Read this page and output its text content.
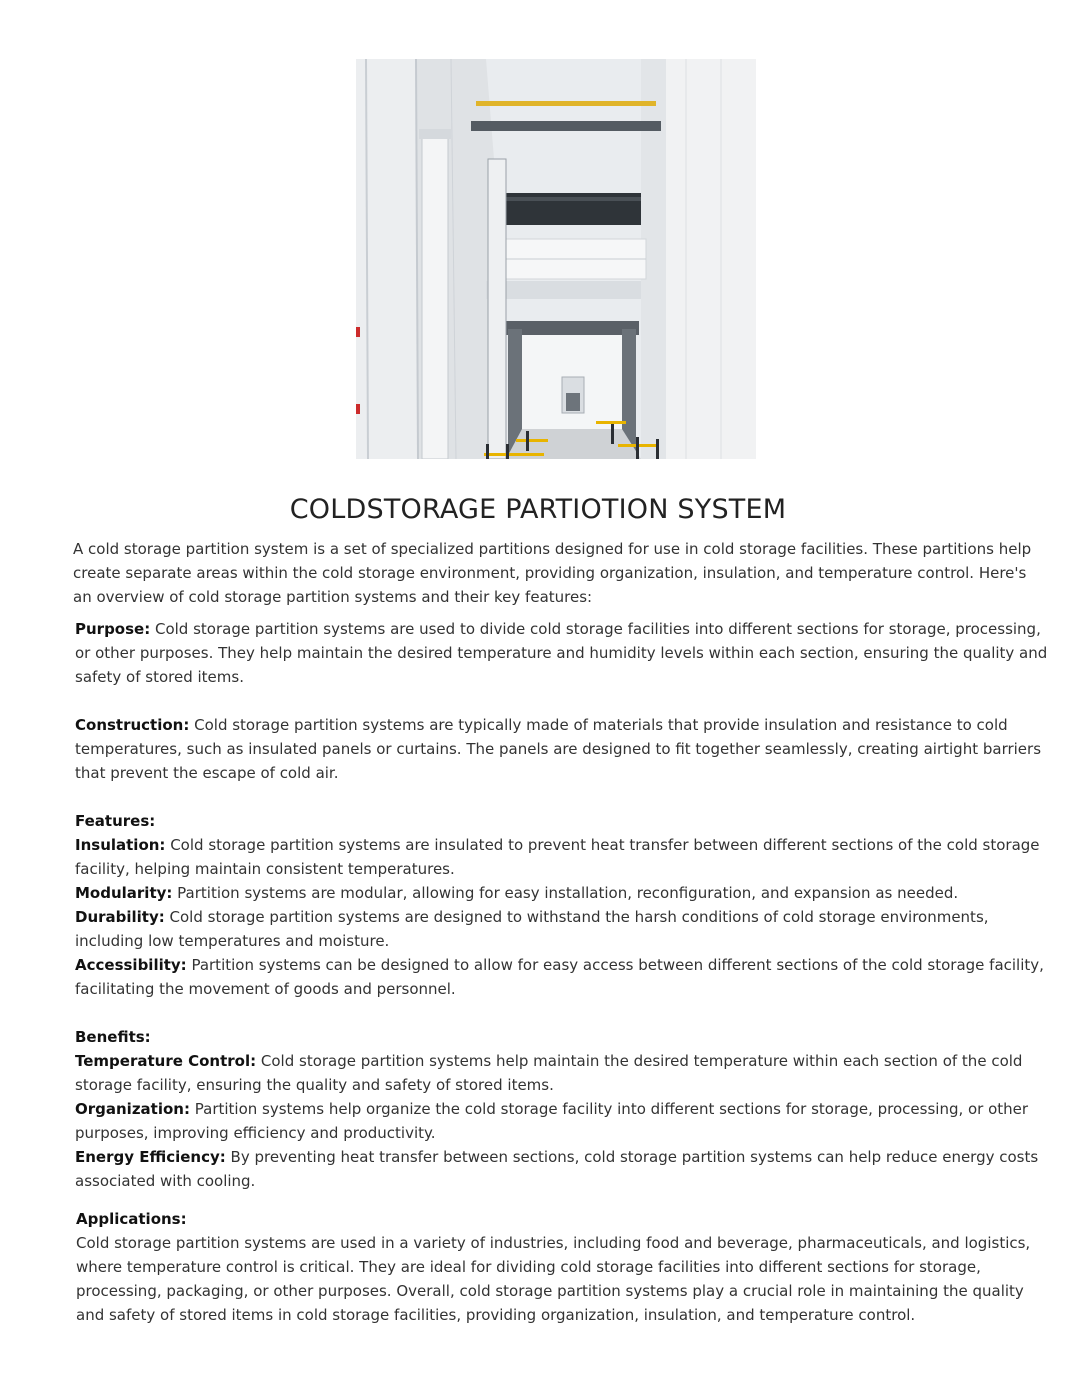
COLDSTORAGE PARTIOTION SYSTEM

A cold storage partition system is a set of specialized partitions designed for use in cold storage facilities. These partitions help create separate areas within the cold storage environment, providing organization, insulation, and temperature control. Here's an overview of cold storage partition systems and their key features:

Purpose: Cold storage partition systems are used to divide cold storage facilities into different sections for storage, processing, or other purposes. They help maintain the desired temperature and humidity levels within each section, ensuring the quality and safety of stored items.

Construction: Cold storage partition systems are typically made of materials that provide insulation and resistance to cold temperatures, such as insulated panels or curtains. The panels are designed to fit together seamlessly, creating airtight barriers that prevent the escape of cold air.

Features:

Insulation: Cold storage partition systems are insulated to prevent heat transfer between different sections of the cold storage facility, helping maintain consistent temperatures.

Modularity: Partition systems are modular, allowing for easy installation, reconfiguration, and expansion as needed.

Durability: Cold storage partition systems are designed to withstand the harsh conditions of cold storage environments, including low temperatures and moisture.

Accessibility: Partition systems can be designed to allow for easy access between different sections of the cold storage facility, facilitating the movement of goods and personnel.

Benefits:

Temperature Control: Cold storage partition systems help maintain the desired temperature within each section of the cold storage facility, ensuring the quality and safety of stored items.

Organization: Partition systems help organize the cold storage facility into different sections for storage, processing, or other purposes, improving efficiency and productivity.

Energy Efficiency: By preventing heat transfer between sections, cold storage partition systems can help reduce energy costs associated with cooling.

Applications:

Cold storage partition systems are used in a variety of industries, including food and beverage, pharmaceuticals, and logistics, where temperature control is critical. They are ideal for dividing cold storage facilities into different sections for storage, processing, packaging, or other purposes. Overall, cold storage partition systems play a crucial role in maintaining the quality and safety of stored items in cold storage facilities, providing organization, insulation, and temperature control.
